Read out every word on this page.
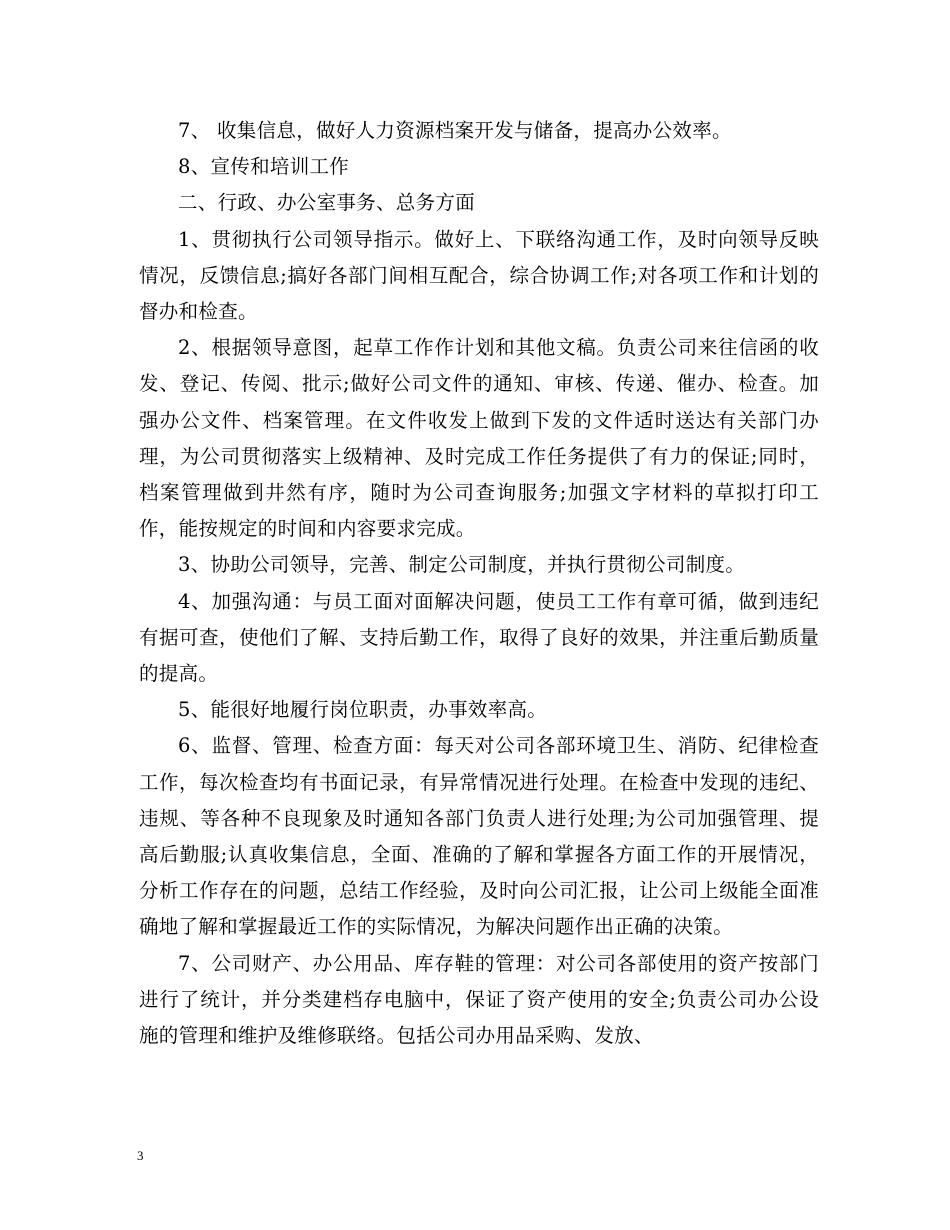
7、 收集信息，做好人力资源档案开发与储备，提高办公效率。

8、宣传和培训工作

二、行政、办公室事务、总务方面

1、贯彻执行公司领导指示。做好上、下联络沟通工作，及时向领导反映情况，反馈信息;搞好各部门间相互配合，综合协调工作;对各项工作和计划的督办和检查。

2、根据领导意图，起草工作作计划和其他文稿。负责公司来往信函的收发、登记、传阅、批示;做好公司文件的通知、审核、传递、催办、检查。加强办公文件、档案管理。在文件收发上做到下发的文件适时送达有关部门办理，为公司贯彻落实上级精神、及时完成工作任务提供了有力的保证;同时，档案管理做到井然有序，随时为公司查询服务;加强文字材料的草拟打印工作，能按规定的时间和内容要求完成。

3、协助公司领导，完善、制定公司制度，并执行贯彻公司制度。

4、加强沟通：与员工面对面解决问题，使员工工作有章可循，做到违纪有据可查，使他们了解、支持后勤工作，取得了良好的效果，并注重后勤质量的提高。

5、能很好地履行岗位职责，办事效率高。

6、监督、管理、检查方面：每天对公司各部环境卫生、消防、纪律检查工作，每次检查均有书面记录，有异常情况进行处理。在检查中发现的违纪、违规、等各种不良现象及时通知各部门负责人进行处理;为公司加强管理、提高后勤服;认真收集信息，全面、准确的了解和掌握各方面工作的开展情况，分析工作存在的问题，总结工作经验，及时向公司汇报，让公司上级能全面准确地了解和掌握最近工作的实际情况，为解决问题作出正确的决策。

7、公司财产、办公用品、库存鞋的管理：对公司各部使用的资产按部门进行了统计，并分类建档存电脑中，保证了资产使用的安全;负责公司办公设施的管理和维护及维修联络。包括公司办用品采购、发放、

3
